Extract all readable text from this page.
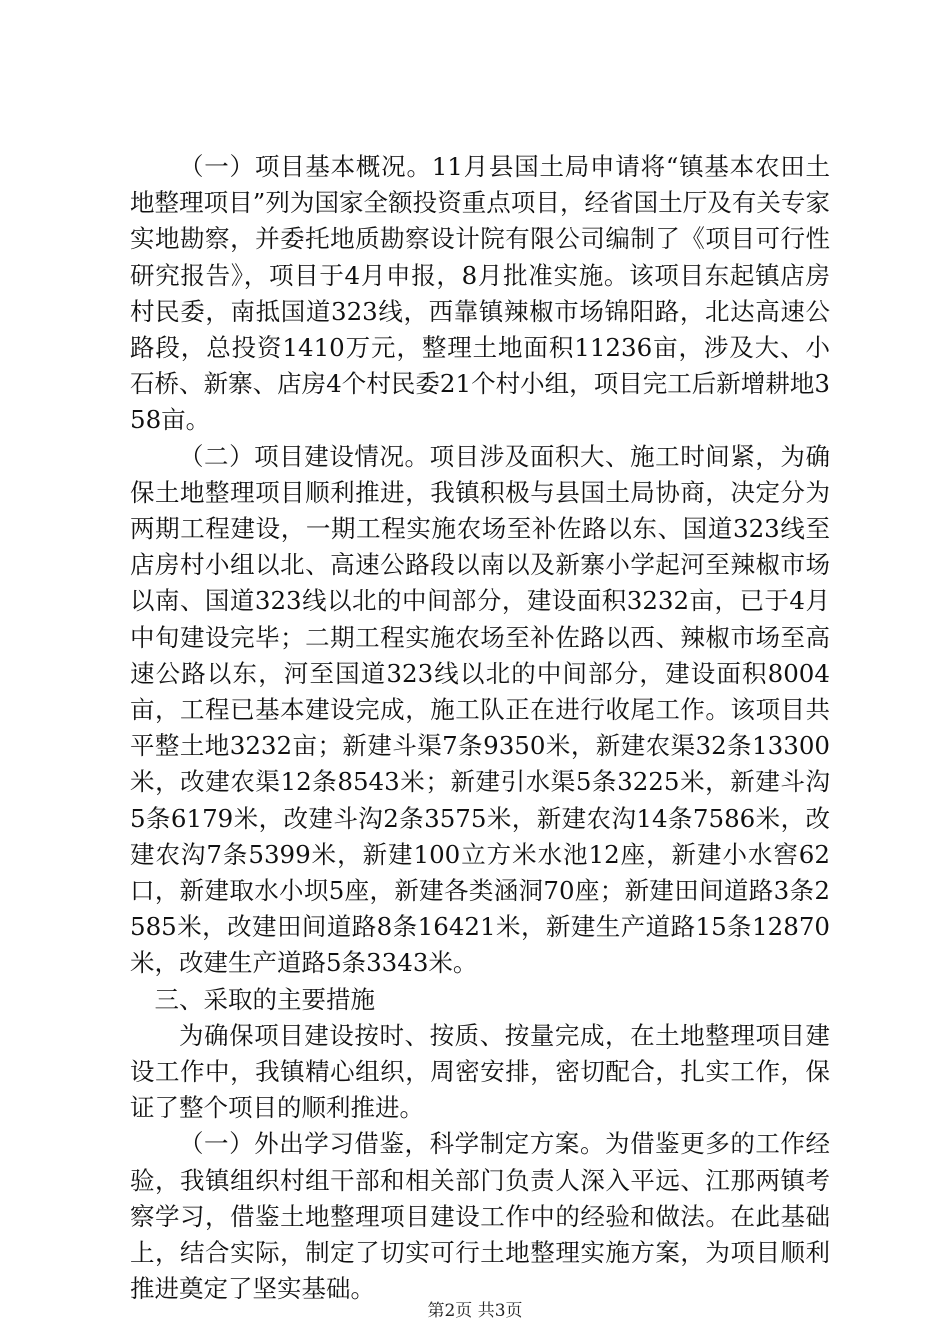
（一）项目基本概况。11月县国土局申请将“镇基本农田土地整理项目”列为国家全额投资重点项目，经省国土厅及有关专家实地勘察，并委托地质勘察设计院有限公司编制了《项目可行性研究报告》，项目于4月申报，8月批准实施。该项目东起镇店房村民委，南抵国道323线，西靠镇辣椒市场锦阳路，北达高速公路段，总投资1410万元，整理土地面积11236亩，涉及大、小石桥、新寨、店房4个村民委21个村小组，项目完工后新增耕地358亩。

（二）项目建设情况。项目涉及面积大、施工时间紧，为确保土地整理项目顺利推进，我镇积极与县国土局协商，决定分为两期工程建设，一期工程实施农场至补佐路以东、国道323线至店房村小组以北、高速公路段以南以及新寨小学起河至辣椒市场以南、国道323线以北的中间部分，建设面积3232亩，已于4月中旬建设完毕；二期工程实施农场至补佐路以西、辣椒市场至高速公路以东，河至国道323线以北的中间部分，建设面积8004亩，工程已基本建设完成，施工队正在进行收尾工作。该项目共平整土地3232亩；新建斗渠7条9350米，新建农渠32条13300米，改建农渠12条8543米；新建引水渠5条3225米，新建斗沟5条6179米，改建斗沟2条3575米，新建农沟14条7586米，改建农沟7条5399米，新建100立方米水池12座，新建小水窖62口，新建取水小坝5座，新建各类涵洞70座；新建田间道路3条2585米，改建田间道路8条16421米，新建生产道路15条12870米，改建生产道路5条3343米。

三、采取的主要措施

为确保项目建设按时、按质、按量完成，在土地整理项目建设工作中，我镇精心组织，周密安排，密切配合，扎实工作，保证了整个项目的顺利推进。

（一）外出学习借鉴，科学制定方案。为借鉴更多的工作经验，我镇组织村组干部和相关部门负责人深入平远、江那两镇考察学习，借鉴土地整理项目建设工作中的经验和做法。在此基础上，结合实际，制定了切实可行土地整理实施方案，为项目顺利推进奠定了坚实基础。

第2页 共3页
